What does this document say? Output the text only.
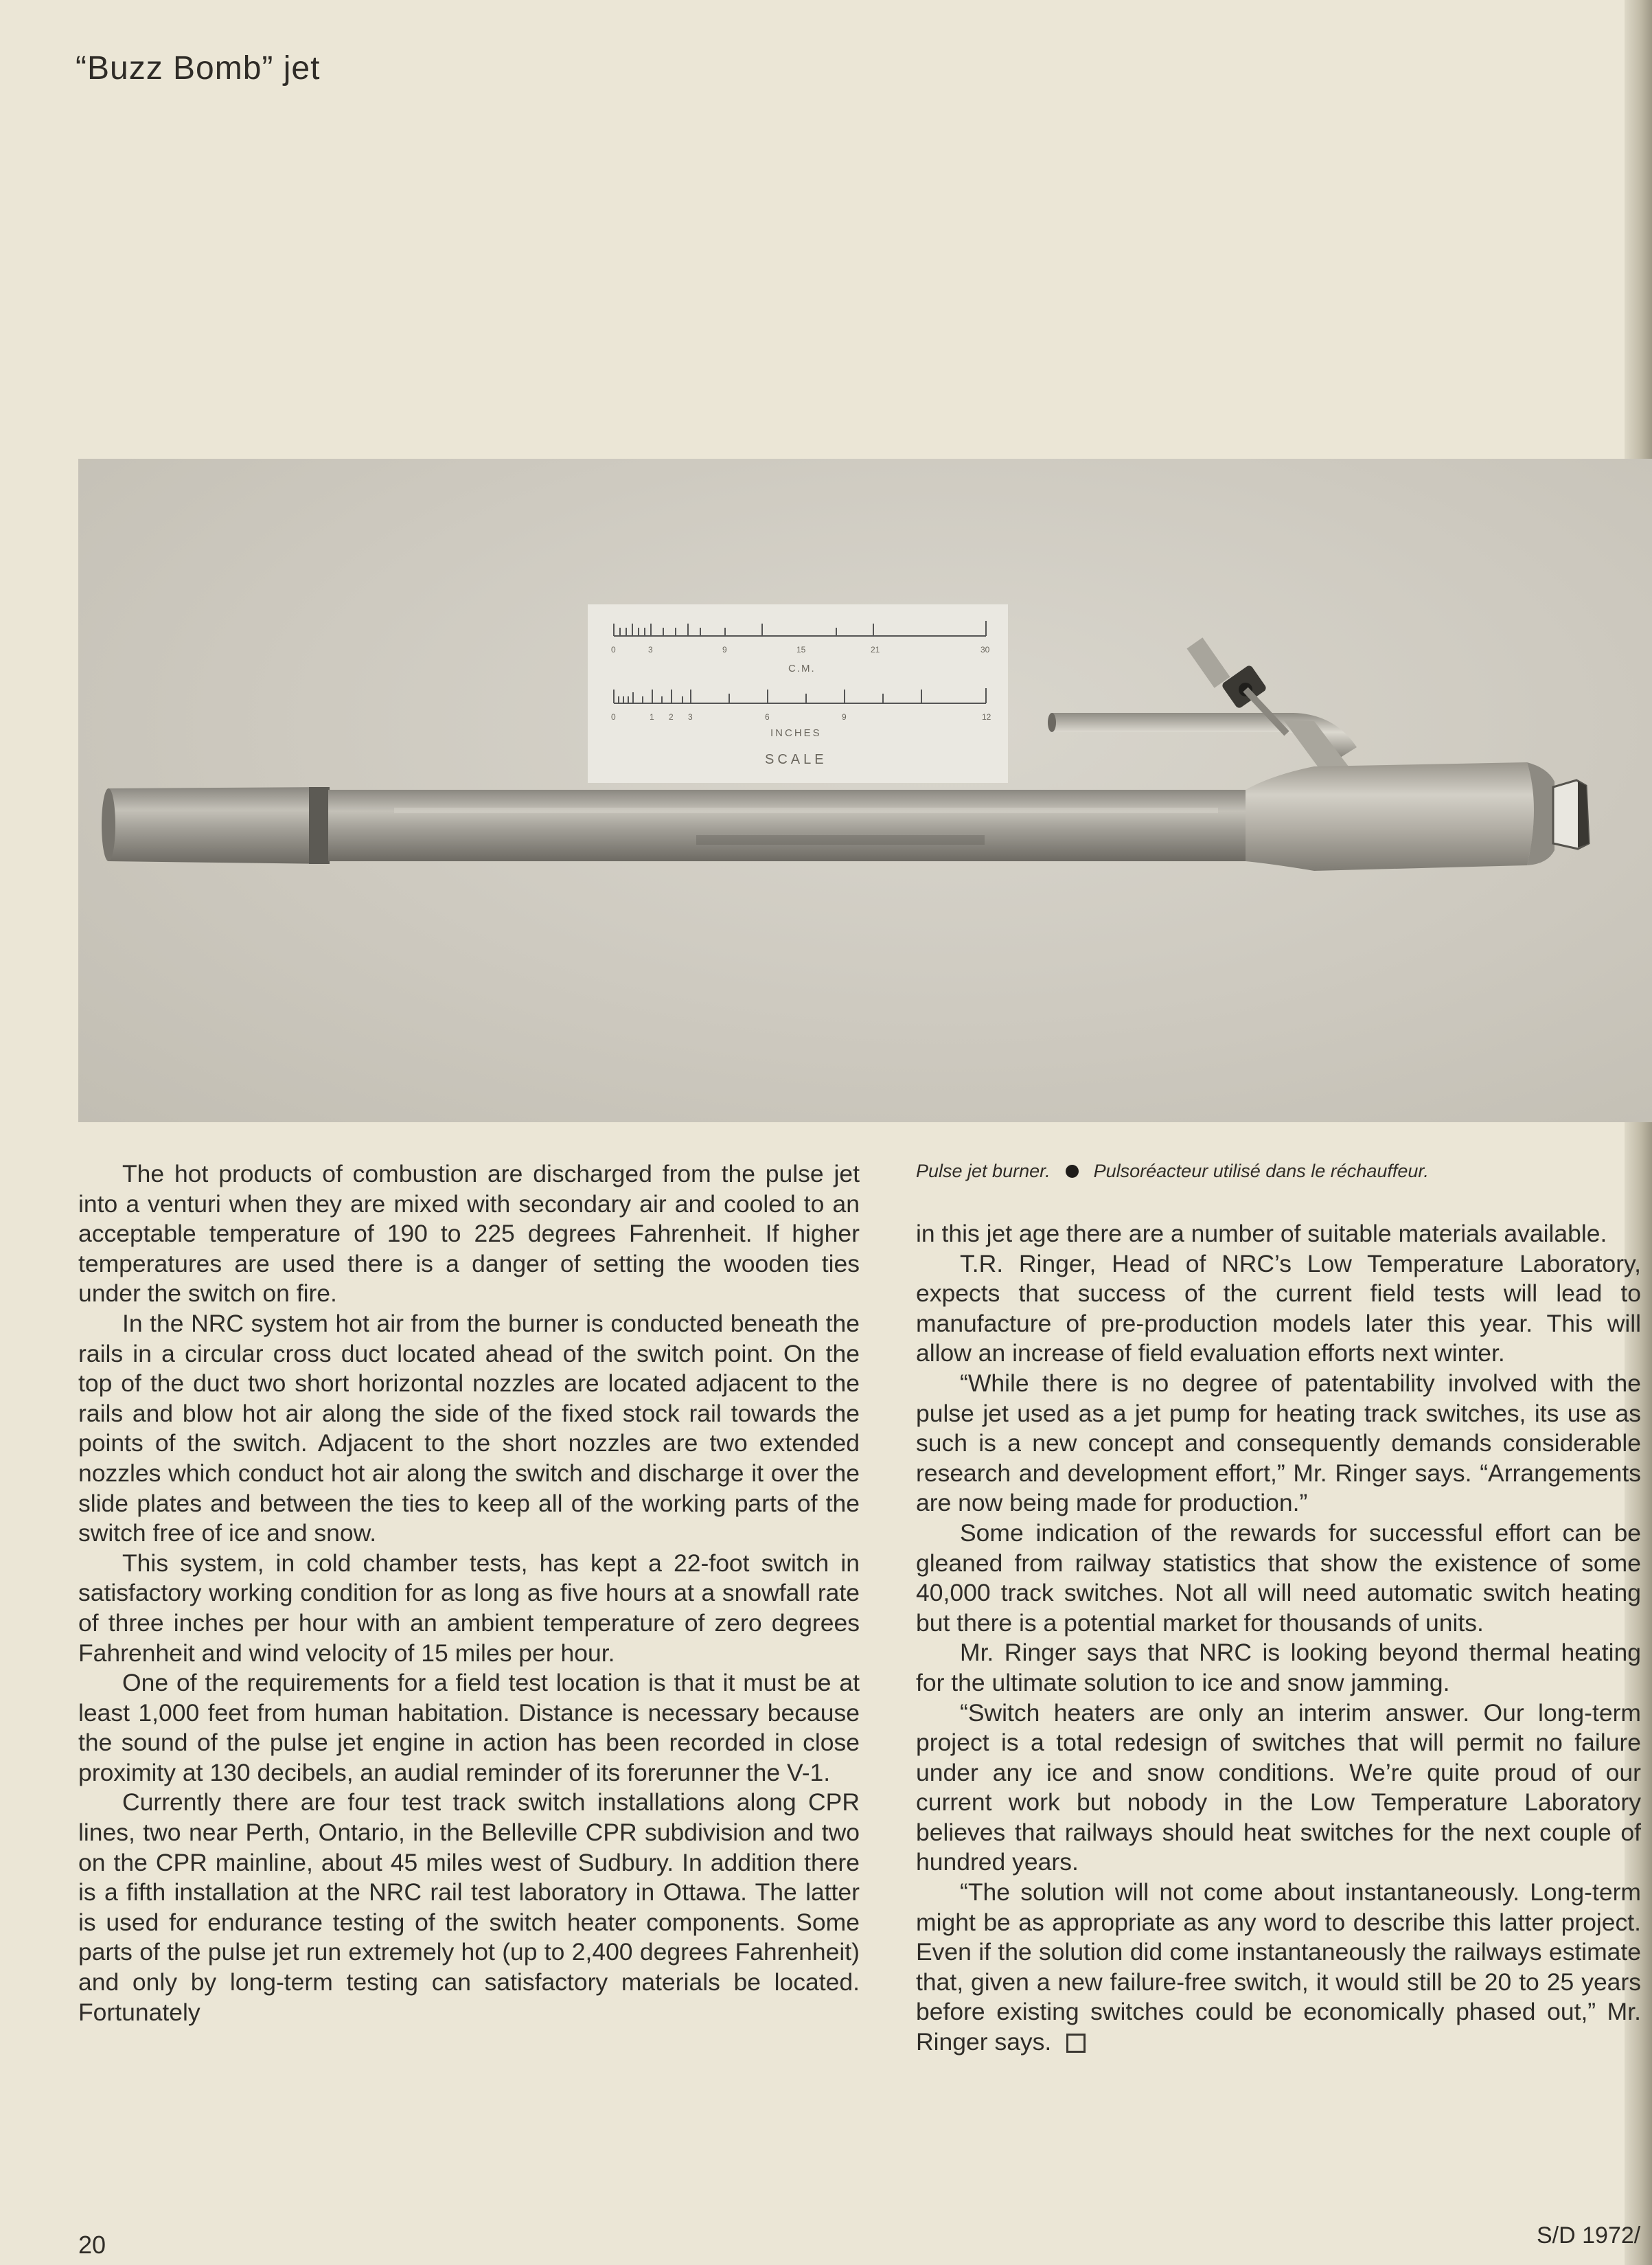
“Buzz Bomb” jet
0	3	9	15	21	30
C.M.
0	1 2 3	6	9	12
INCHES
SCALE
Pulse jet burner. Pulsoréacteur utilisé dans le réchauffeur.

The hot products of combustion are discharged from the pulse jet into a venturi when they are mixed with secondary air and cooled to an acceptable temperature of 190 to 225 degrees Fahrenheit. If higher temperatures are used there is a danger of setting the wooden ties under the switch on fire.

In the NRC system hot air from the burner is conducted beneath the rails in a circular cross duct located ahead of the switch point. On the top of the duct two short horizontal nozzles are located adjacent to the rails and blow hot air along the side of the fixed stock rail towards the points of the switch. Adjacent to the short nozzles are two extended nozzles which conduct hot air along the switch and discharge it over the slide plates and between the ties to keep all of the working parts of the switch free of ice and snow.

This system, in cold chamber tests, has kept a 22-foot switch in satisfactory working condition for as long as five hours at a snowfall rate of three inches per hour with an ambient temperature of zero degrees Fahrenheit and wind velocity of 15 miles per hour.

One of the requirements for a field test location is that it must be at least 1,000 feet from human habitation. Distance is necessary because the sound of the pulse jet engine in action has been recorded in close proximity at 130 decibels, an audial reminder of its forerunner the V-1.

Currently there are four test track switch installations along CPR lines, two near Perth, Ontario, in the Belleville CPR subdivision and two on the CPR mainline, about 45 miles west of Sudbury. In addition there is a fifth installation at the NRC rail test laboratory in Ottawa. The latter is used for endurance testing of the switch heater components. Some parts of the pulse jet run extremely hot (up to 2,400 degrees Fahrenheit) and only by long-term testing can satisfactory materials be located. Fortunately

in this jet age there are a number of suitable materials available.

T.R. Ringer, Head of NRC’s Low Temperature Laboratory, expects that success of the current field tests will lead to manufacture of pre-production models later this year. This will allow an increase of field evaluation efforts next winter.

“While there is no degree of patentability involved with the pulse jet used as a jet pump for heating track switches, its use as such is a new concept and consequently demands considerable research and development effort,” Mr. Ringer says. “Arrangements are now being made for production.”

Some indication of the rewards for successful effort can be gleaned from railway statistics that show the existence of some 40,000 track switches. Not all will need automatic switch heating but there is a potential market for thousands of units.

Mr. Ringer says that NRC is looking beyond thermal heating for the ultimate solution to ice and snow jamming.

“Switch heaters are only an interim answer. Our long-term project is a total redesign of switches that will permit no failure under any ice and snow conditions. We’re quite proud of our current work but nobody in the Low Temperature Laboratory believes that railways should heat switches for the next couple of hundred years.

“The solution will not come about instantaneously. Long-term might be as appropriate as any word to describe this latter project. Even if the solution did come instantaneously the railways estimate that, given a new failure-free switch, it would still be 20 to 25 years before existing switches could be economically phased out,” Mr. Ringer says.

20	S/D 1972/
